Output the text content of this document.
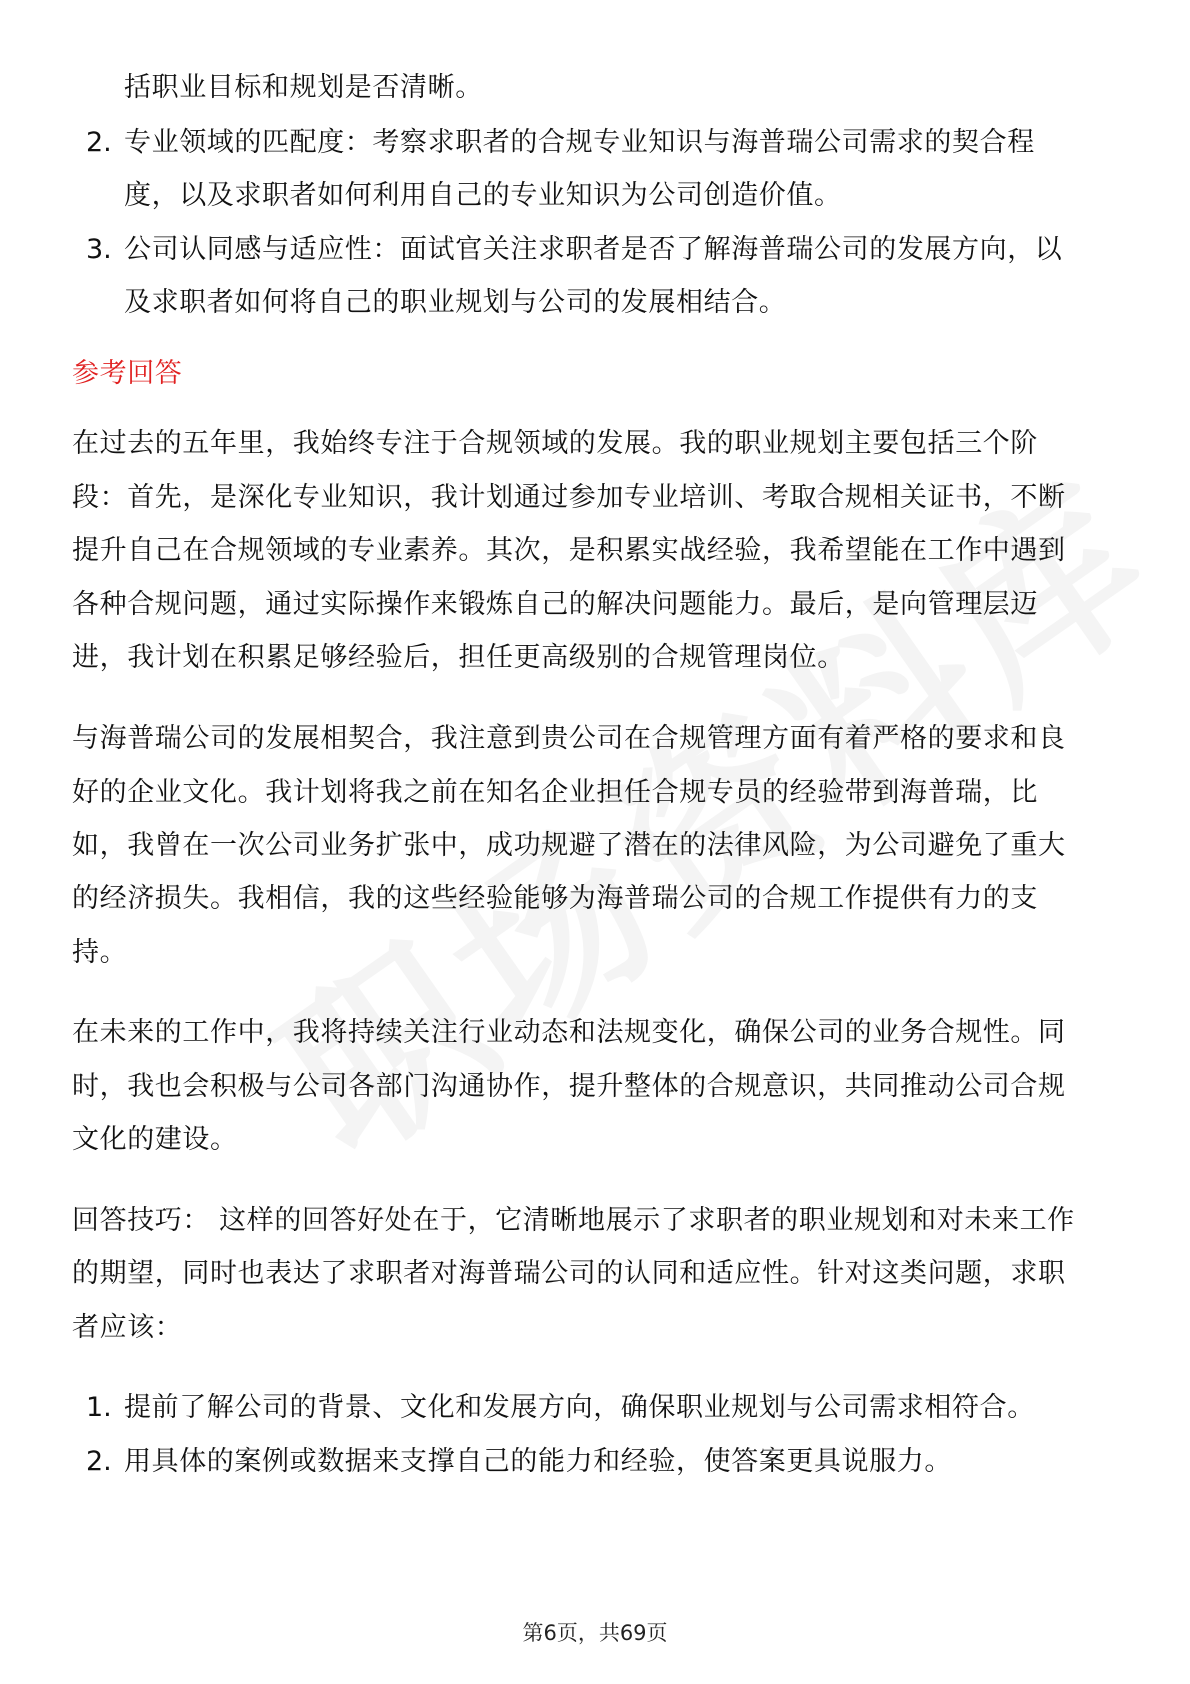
括职业目标和规划是否清晰。
2. 专业领域的匹配度：考察求职者的合规专业知识与海普瑞公司需求的契合程
度，以及求职者如何利用自己的专业知识为公司创造价值。
3. 公司认同感与适应性：面试官关注求职者是否了解海普瑞公司的发展方向，以
及求职者如何将自己的职业规划与公司的发展相结合。
参考回答
在过去的五年里，我始终专注于合规领域的发展。我的职业规划主要包括三个阶
段：首先，是深化专业知识，我计划通过参加专业培训、考取合规相关证书，不断
提升自己在合规领域的专业素养。其次，是积累实战经验，我希望能在工作中遇到
各种合规问题，通过实际操作来锻炼自己的解决问题能力。最后，是向管理层迈
进，我计划在积累足够经验后，担任更高级别的合规管理岗位。
与海普瑞公司的发展相契合，我注意到贵公司在合规管理方面有着严格的要求和良
好的企业文化。我计划将我之前在知名企业担任合规专员的经验带到海普瑞，比
如，我曾在一次公司业务扩张中，成功规避了潜在的法律风险，为公司避免了重大
的经济损失。我相信，我的这些经验能够为海普瑞公司的合规工作提供有力的支
持。
在未来的工作中，我将持续关注行业动态和法规变化，确保公司的业务合规性。同
时，我也会积极与公司各部门沟通协作，提升整体的合规意识，共同推动公司合规
文化的建设。
回答技巧： 这样的回答好处在于，它清晰地展示了求职者的职业规划和对未来工作
的期望，同时也表达了求职者对海普瑞公司的认同和适应性。针对这类问题，求职
者应该：
1. 提前了解公司的背景、文化和发展方向，确保职业规划与公司需求相符合。
2. 用具体的案例或数据来支撑自己的能力和经验，使答案更具说服力。
第6页，共69页
